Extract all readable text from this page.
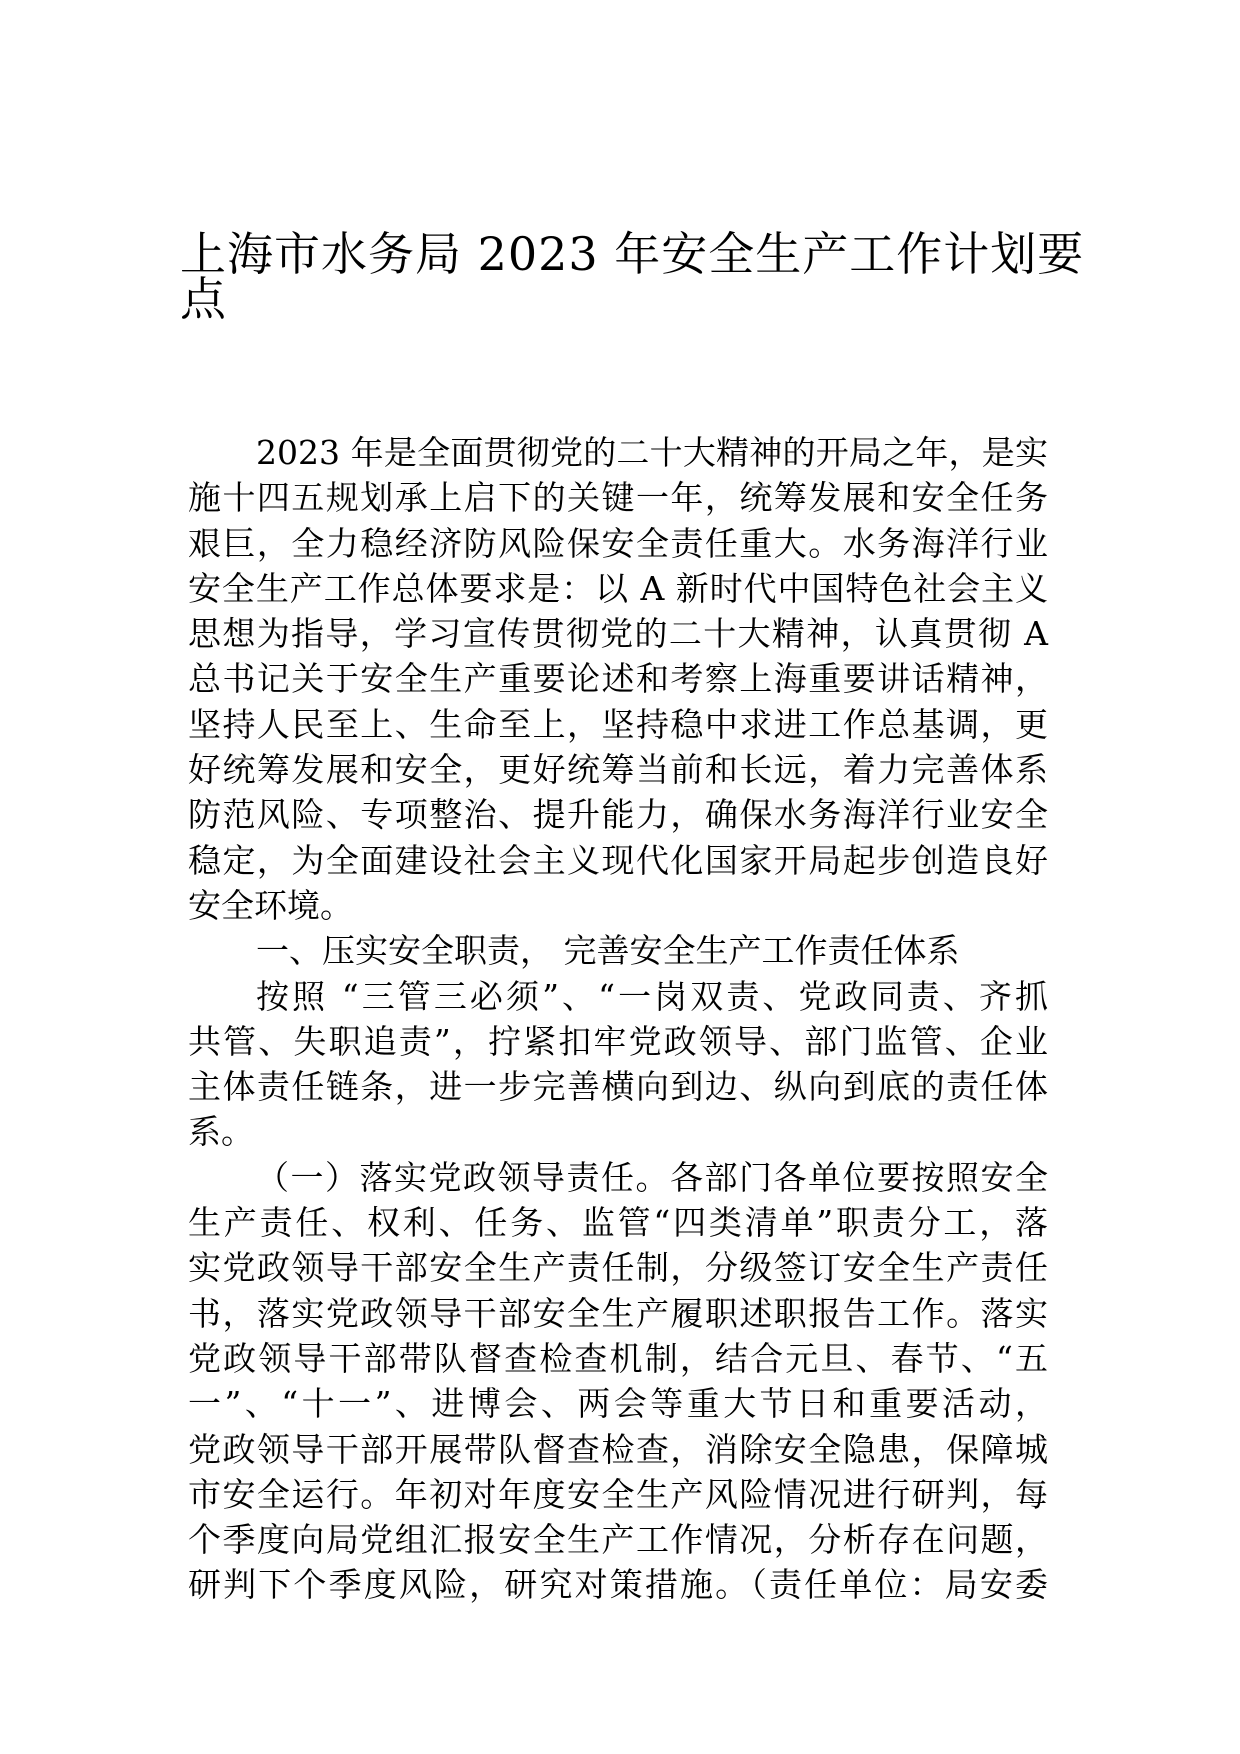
上海市水务局 2023 年安全生产工作计划要
点
2023 年是全面贯彻党的二十大精神的开局之年，是实
施十四五规划承上启下的关键一年，统筹发展和安全任务
艰巨，全力稳经济防风险保安全责任重大。水务海洋行业
安全生产工作总体要求是：以 A 新时代中国特色社会主义
思想为指导，学习宣传贯彻党的二十大精神，认真贯彻 A
总书记关于安全生产重要论述和考察上海重要讲话精神，
坚持人民至上、生命至上，坚持稳中求进工作总基调，更
好统筹发展和安全，更好统筹当前和长远，着力完善体系
防范风险、专项整治、提升能力，确保水务海洋行业安全
稳定，为全面建设社会主义现代化国家开局起步创造良好
安全环境。
一、压实安全职责， 完善安全生产工作责任体系
按照 “三管三必须”、“一岗双责、党政同责、齐抓
共管、失职追责”，拧紧扣牢党政领导、部门监管、企业
主体责任链条，进一步完善横向到边、纵向到底的责任体
系。
（一）落实党政领导责任。各部门各单位要按照安全
生产责任、权利、任务、监管“四类清单”职责分工，落
实党政领导干部安全生产责任制，分级签订安全生产责任
书，落实党政领导干部安全生产履职述职报告工作。落实
党政领导干部带队督查检查机制，结合元旦、春节、“五
一”、“十一”、进博会、两会等重大节日和重要活动，
党政领导干部开展带队督查检查，消除安全隐患，保障城
市安全运行。年初对年度安全生产风险情况进行研判，每
个季度向局党组汇报安全生产工作情况，分析存在问题，
研判下个季度风险，研究对策措施。（责任单位：局安委
